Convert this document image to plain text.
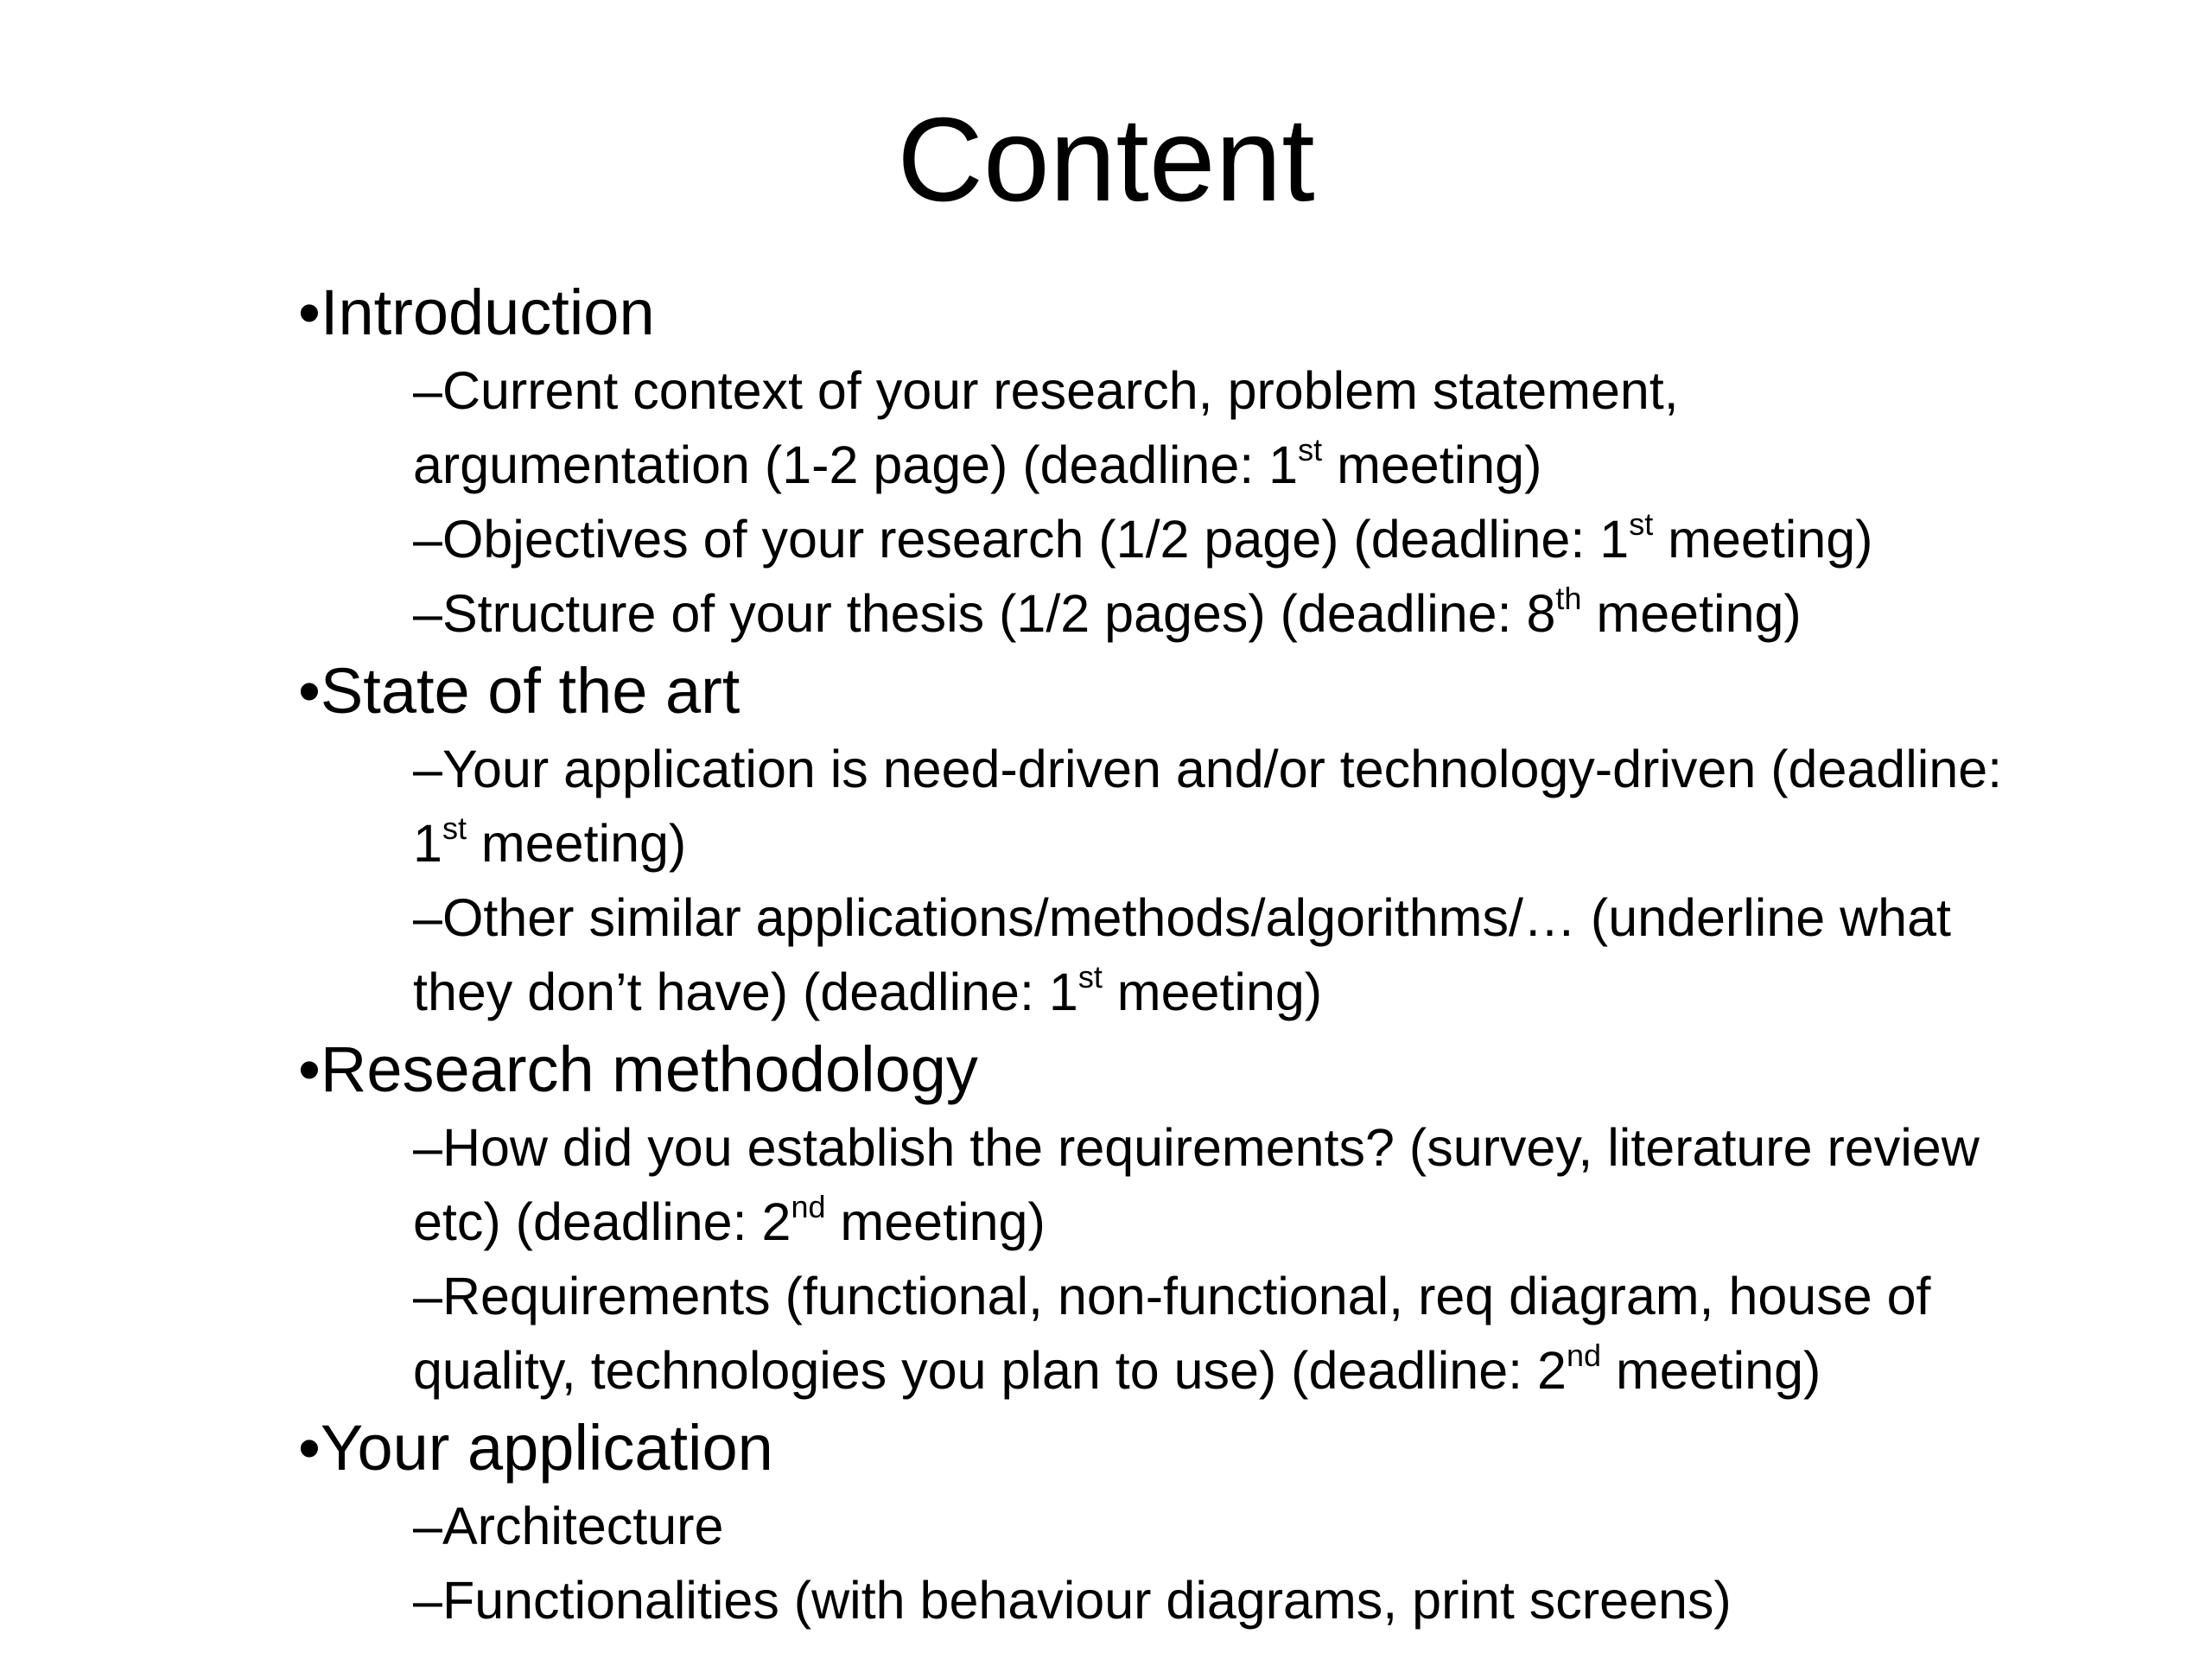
Content
•Introduction
–Current context of your research, problem statement,
argumentation (1-2 page) (deadline: 1st meeting)
–Objectives of your research (1/2 page) (deadline: 1st meeting)
–Structure of your thesis (1/2 pages) (deadline: 8th meeting)
•State of the art
–Your application is need-driven and/or technology-driven (deadline:
1st meeting)
–Other similar applications/methods/algorithms/… (underline what
they don’t have) (deadline: 1st meeting)
•Research methodology
–How did you establish the requirements? (survey, literature review
etc) (deadline: 2nd meeting)
–Requirements (functional, non-functional, req diagram, house of
quality, technologies you plan to use) (deadline: 2nd meeting)
•Your application
–Architecture
–Functionalities (with behaviour diagrams, print screens)
